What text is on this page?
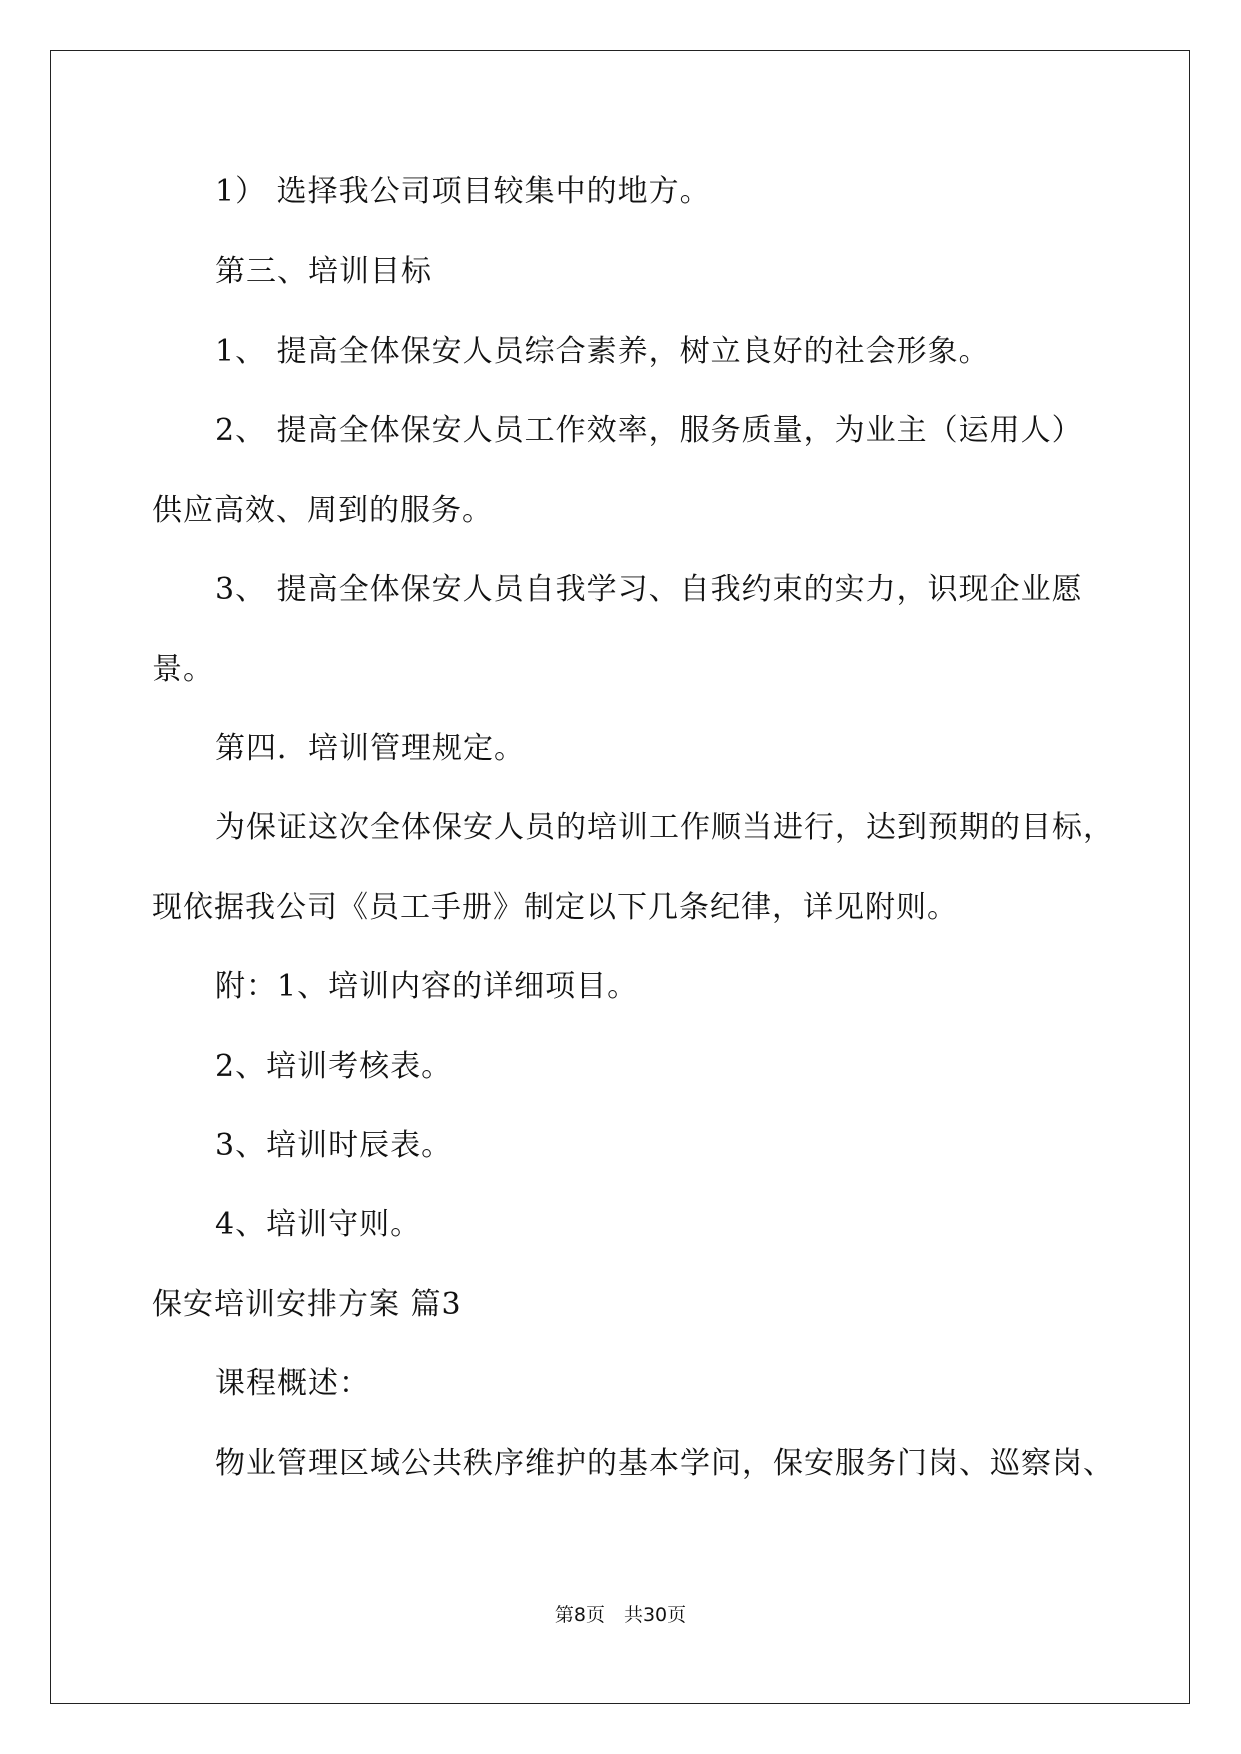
1） 选择我公司项目较集中的地方。
第三、培训目标
1、 提高全体保安人员综合素养，树立良好的社会形象。
2、 提高全体保安人员工作效率，服务质量，为业主（运用人）
供应高效、周到的服务。
3、 提高全体保安人员自我学习、自我约束的实力，识现企业愿
景。
第四．培训管理规定。
为保证这次全体保安人员的培训工作顺当进行，达到预期的目标，
现依据我公司《员工手册》制定以下几条纪律，详见附则。
附：1、培训内容的详细项目。
2、培训考核表。
3、培训时辰表。
4、培训守则。
保安培训安排方案 篇3
课程概述：
物业管理区域公共秩序维护的基本学问，保安服务门岗、巡察岗、
第8页　共30页
